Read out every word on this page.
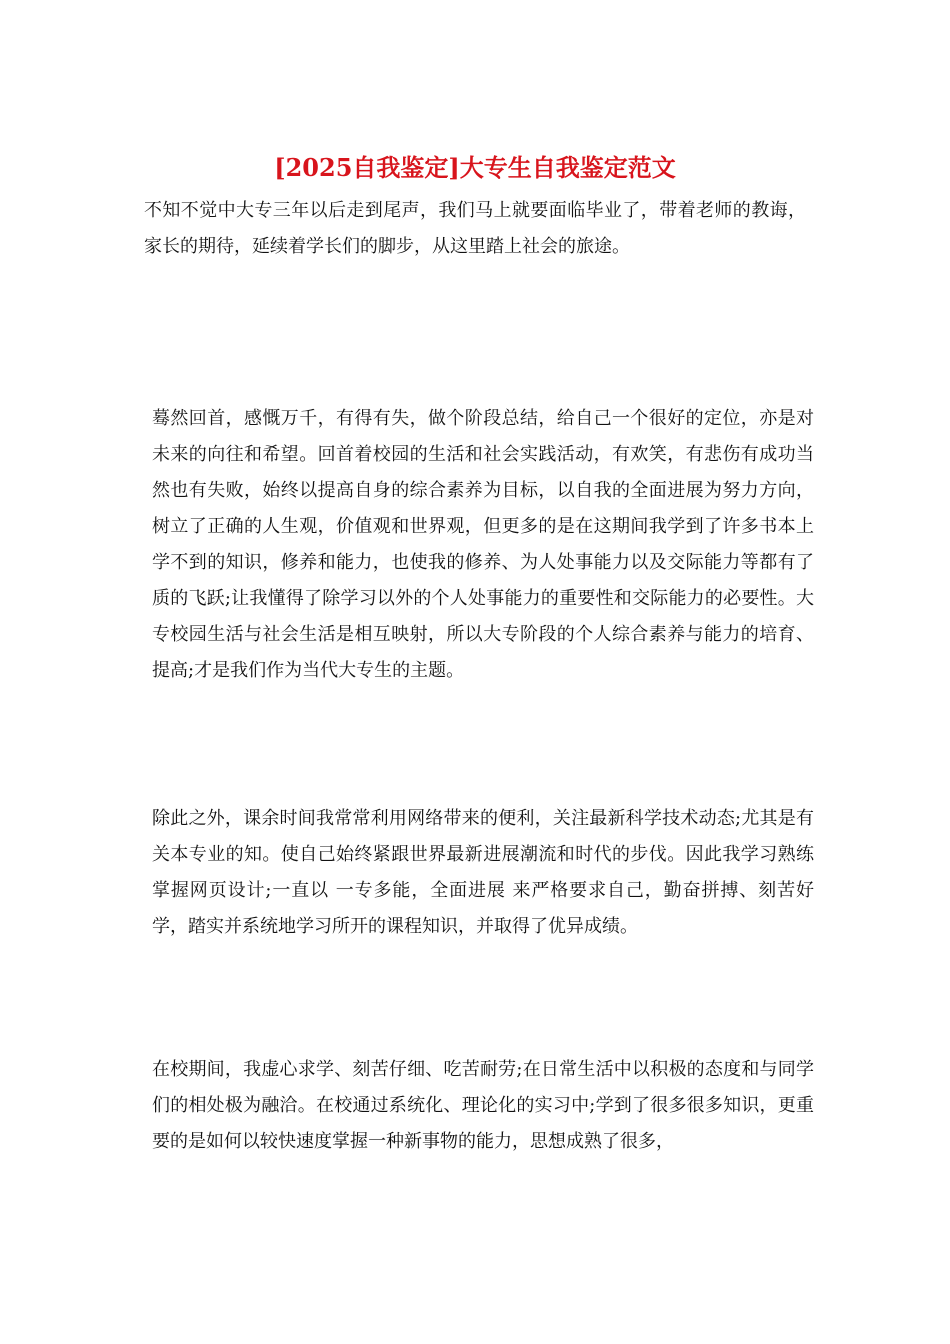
[2025自我鉴定]大专生自我鉴定范文

不知不觉中大专三年以后走到尾声，我们马上就要面临毕业了，带着老师的教诲，家长的期待，延续着学长们的脚步，从这里踏上社会的旅途。

蓦然回首，感慨万千，有得有失，做个阶段总结，给自己一个很好的定位，亦是对未来的向往和希望。回首着校园的生活和社会实践活动，有欢笑，有悲伤有成功当然也有失败，始终以提高自身的综合素养为目标，以自我的全面进展为努力方向，树立了正确的人生观，价值观和世界观，但更多的是在这期间我学到了许多书本上学不到的知识，修养和能力，也使我的修养、为人处事能力以及交际能力等都有了质的飞跃;让我懂得了除学习以外的个人处事能力的重要性和交际能力的必要性。大专校园生活与社会生活是相互映射，所以大专阶段的个人综合素养与能力的培育、提高;才是我们作为当代大专生的主题。

除此之外，课余时间我常常利用网络带来的便利，关注最新科学技术动态;尤其是有关本专业的知。使自己始终紧跟世界最新进展潮流和时代的步伐。因此我学习熟练掌握网页设计;一直以 一专多能，全面进展 来严格要求自己，勤奋拼搏、刻苦好学，踏实并系统地学习所开的课程知识，并取得了优异成绩。

在校期间，我虚心求学、刻苦仔细、吃苦耐劳;在日常生活中以积极的态度和与同学们的相处极为融洽。在校通过系统化、理论化的实习中;学到了很多很多知识，更重要的是如何以较快速度掌握一种新事物的能力，思想成熟了很多，
